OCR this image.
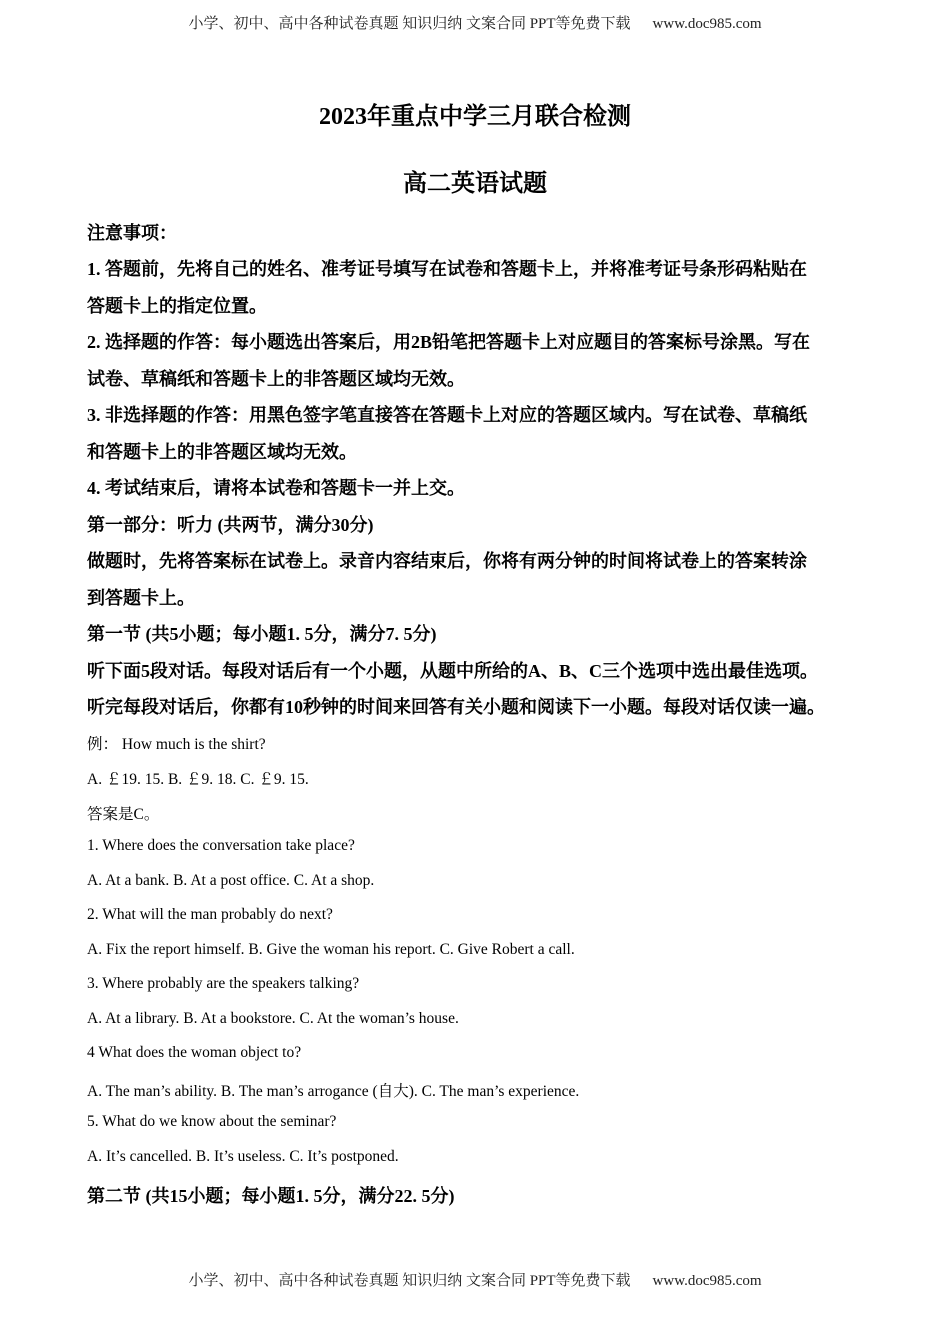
小学、初中、高中各种试卷真题 知识归纳 文案合同 PPT等免费下载 www.doc985.com
2023年重点中学三月联合检测
高二英语试题
注意事项：
1. 答题前，先将自己的姓名、准考证号填写在试卷和答题卡上，并将准考证号条形码粘贴在
答题卡上的指定位置。
2. 选择题的作答：每小题选出答案后，用2B铅笔把答题卡上对应题目的答案标号涂黑。写在
试卷、草稿纸和答题卡上的非答题区域均无效。
3. 非选择题的作答：用黑色签字笔直接答在答题卡上对应的答题区域内。写在试卷、草稿纸
和答题卡上的非答题区域均无效。
4. 考试结束后，请将本试卷和答题卡一并上交。
第一部分：听力 (共两节，满分30分)
做题时，先将答案标在试卷上。录音内容结束后，你将有两分钟的时间将试卷上的答案转涂
到答题卡上。
第一节 (共5小题；每小题1. 5分，满分7. 5分)
听下面5段对话。每段对话后有一个小题，从题中所给的A、B、C三个选项中选出最佳选项。
听完每段对话后，你都有10秒钟的时间来回答有关小题和阅读下一小题。每段对话仅读一遍。
例： How much is the shirt?
A. ￡19. 15. B. ￡9. 18. C. ￡9. 15.
答案是C。
1. Where does the conversation take place?
A. At a bank. B. At a post office. C. At a shop.
2. What will the man probably do next?
A. Fix the report himself. B. Give the woman his report. C. Give Robert a call.
3. Where probably are the speakers talking?
A. At a library. B. At a bookstore. C. At the woman’s house.
4 What does the woman object to?
A. The man’s ability. B. The man’s arrogance (自大). C. The man’s experience.
5. What do we know about the seminar?
A. It’s cancelled. B. It’s useless. C. It’s postponed.
第二节 (共15小题；每小题1. 5分，满分22. 5分)
小学、初中、高中各种试卷真题 知识归纳 文案合同 PPT等免费下载 www.doc985.com
